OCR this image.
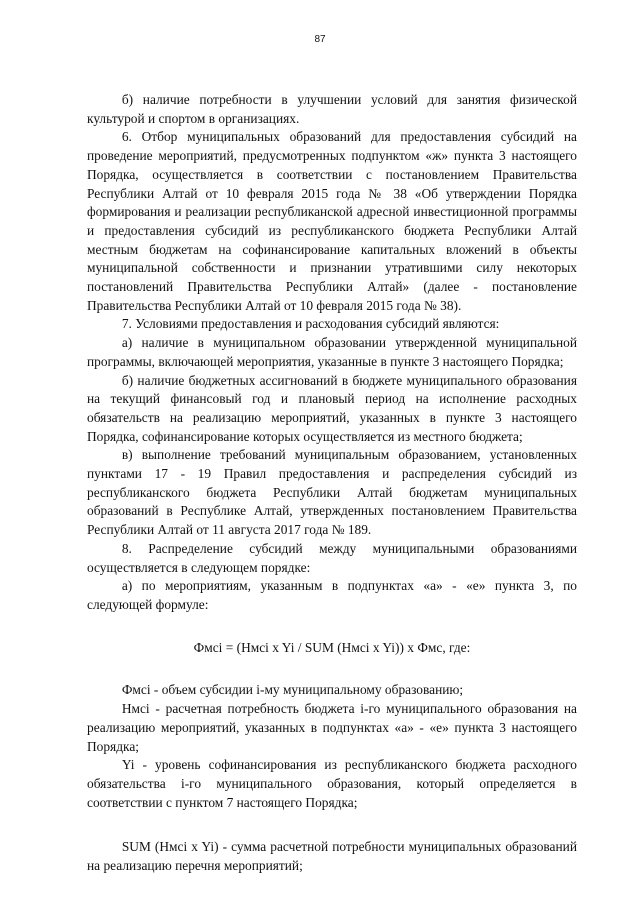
87

б) наличие потребности в улучшении условий для занятия физической культурой и спортом в организациях.

6. Отбор муниципальных образований для предоставления субсидий на проведение мероприятий, предусмотренных подпунктом «ж» пункта 3 настоящего Порядка, осуществляется в соответствии с постановлением Правительства Республики Алтай от 10 февраля 2015 года № 38 «Об утверждении Порядка формирования и реализации республиканской адресной инвестиционной программы и предоставления субсидий из республиканского бюджета Республики Алтай местным бюджетам на софинансирование капитальных вложений в объекты муниципальной собственности и признании утратившими силу некоторых постановлений Правительства Республики Алтай» (далее - постановление Правительства Республики Алтай от 10 февраля 2015 года № 38).

7. Условиями предоставления и расходования субсидий являются:

а) наличие в муниципальном образовании утвержденной муниципальной программы, включающей мероприятия, указанные в пункте 3 настоящего Порядка;

б) наличие бюджетных ассигнований в бюджете муниципального образования на текущий финансовый год и плановый период на исполнение расходных обязательств на реализацию мероприятий, указанных в пункте 3 настоящего Порядка, софинансирование которых осуществляется из местного бюджета;

в) выполнение требований муниципальным образованием, установленных пунктами 17 - 19 Правил предоставления и распределения субсидий из республиканского бюджета Республики Алтай бюджетам муниципальных образований в Республике Алтай, утвержденных постановлением Правительства Республики Алтай от 11 августа 2017 года № 189.

8. Распределение субсидий между муниципальными образованиями осуществляется в следующем порядке:

а) по мероприятиям, указанным в подпунктах «а» - «е» пункта 3, по следующей формуле:

Фмсi = (Нмсi x Yi / SUM (Нмсi x Yi)) x Фмс, где:

Фмсi - объем субсидии i-му муниципальному образованию;

Нмсi - расчетная потребность бюджета i-го муниципального образования на реализацию мероприятий, указанных в подпунктах «а» - «е» пункта 3 настоящего Порядка;

Yi - уровень софинансирования из республиканского бюджета расходного обязательства i-го муниципального образования, который определяется в соответствии с пунктом 7 настоящего Порядка;

SUM (Нмсi x Yi) - сумма расчетной потребности муниципальных образований на реализацию перечня мероприятий;
